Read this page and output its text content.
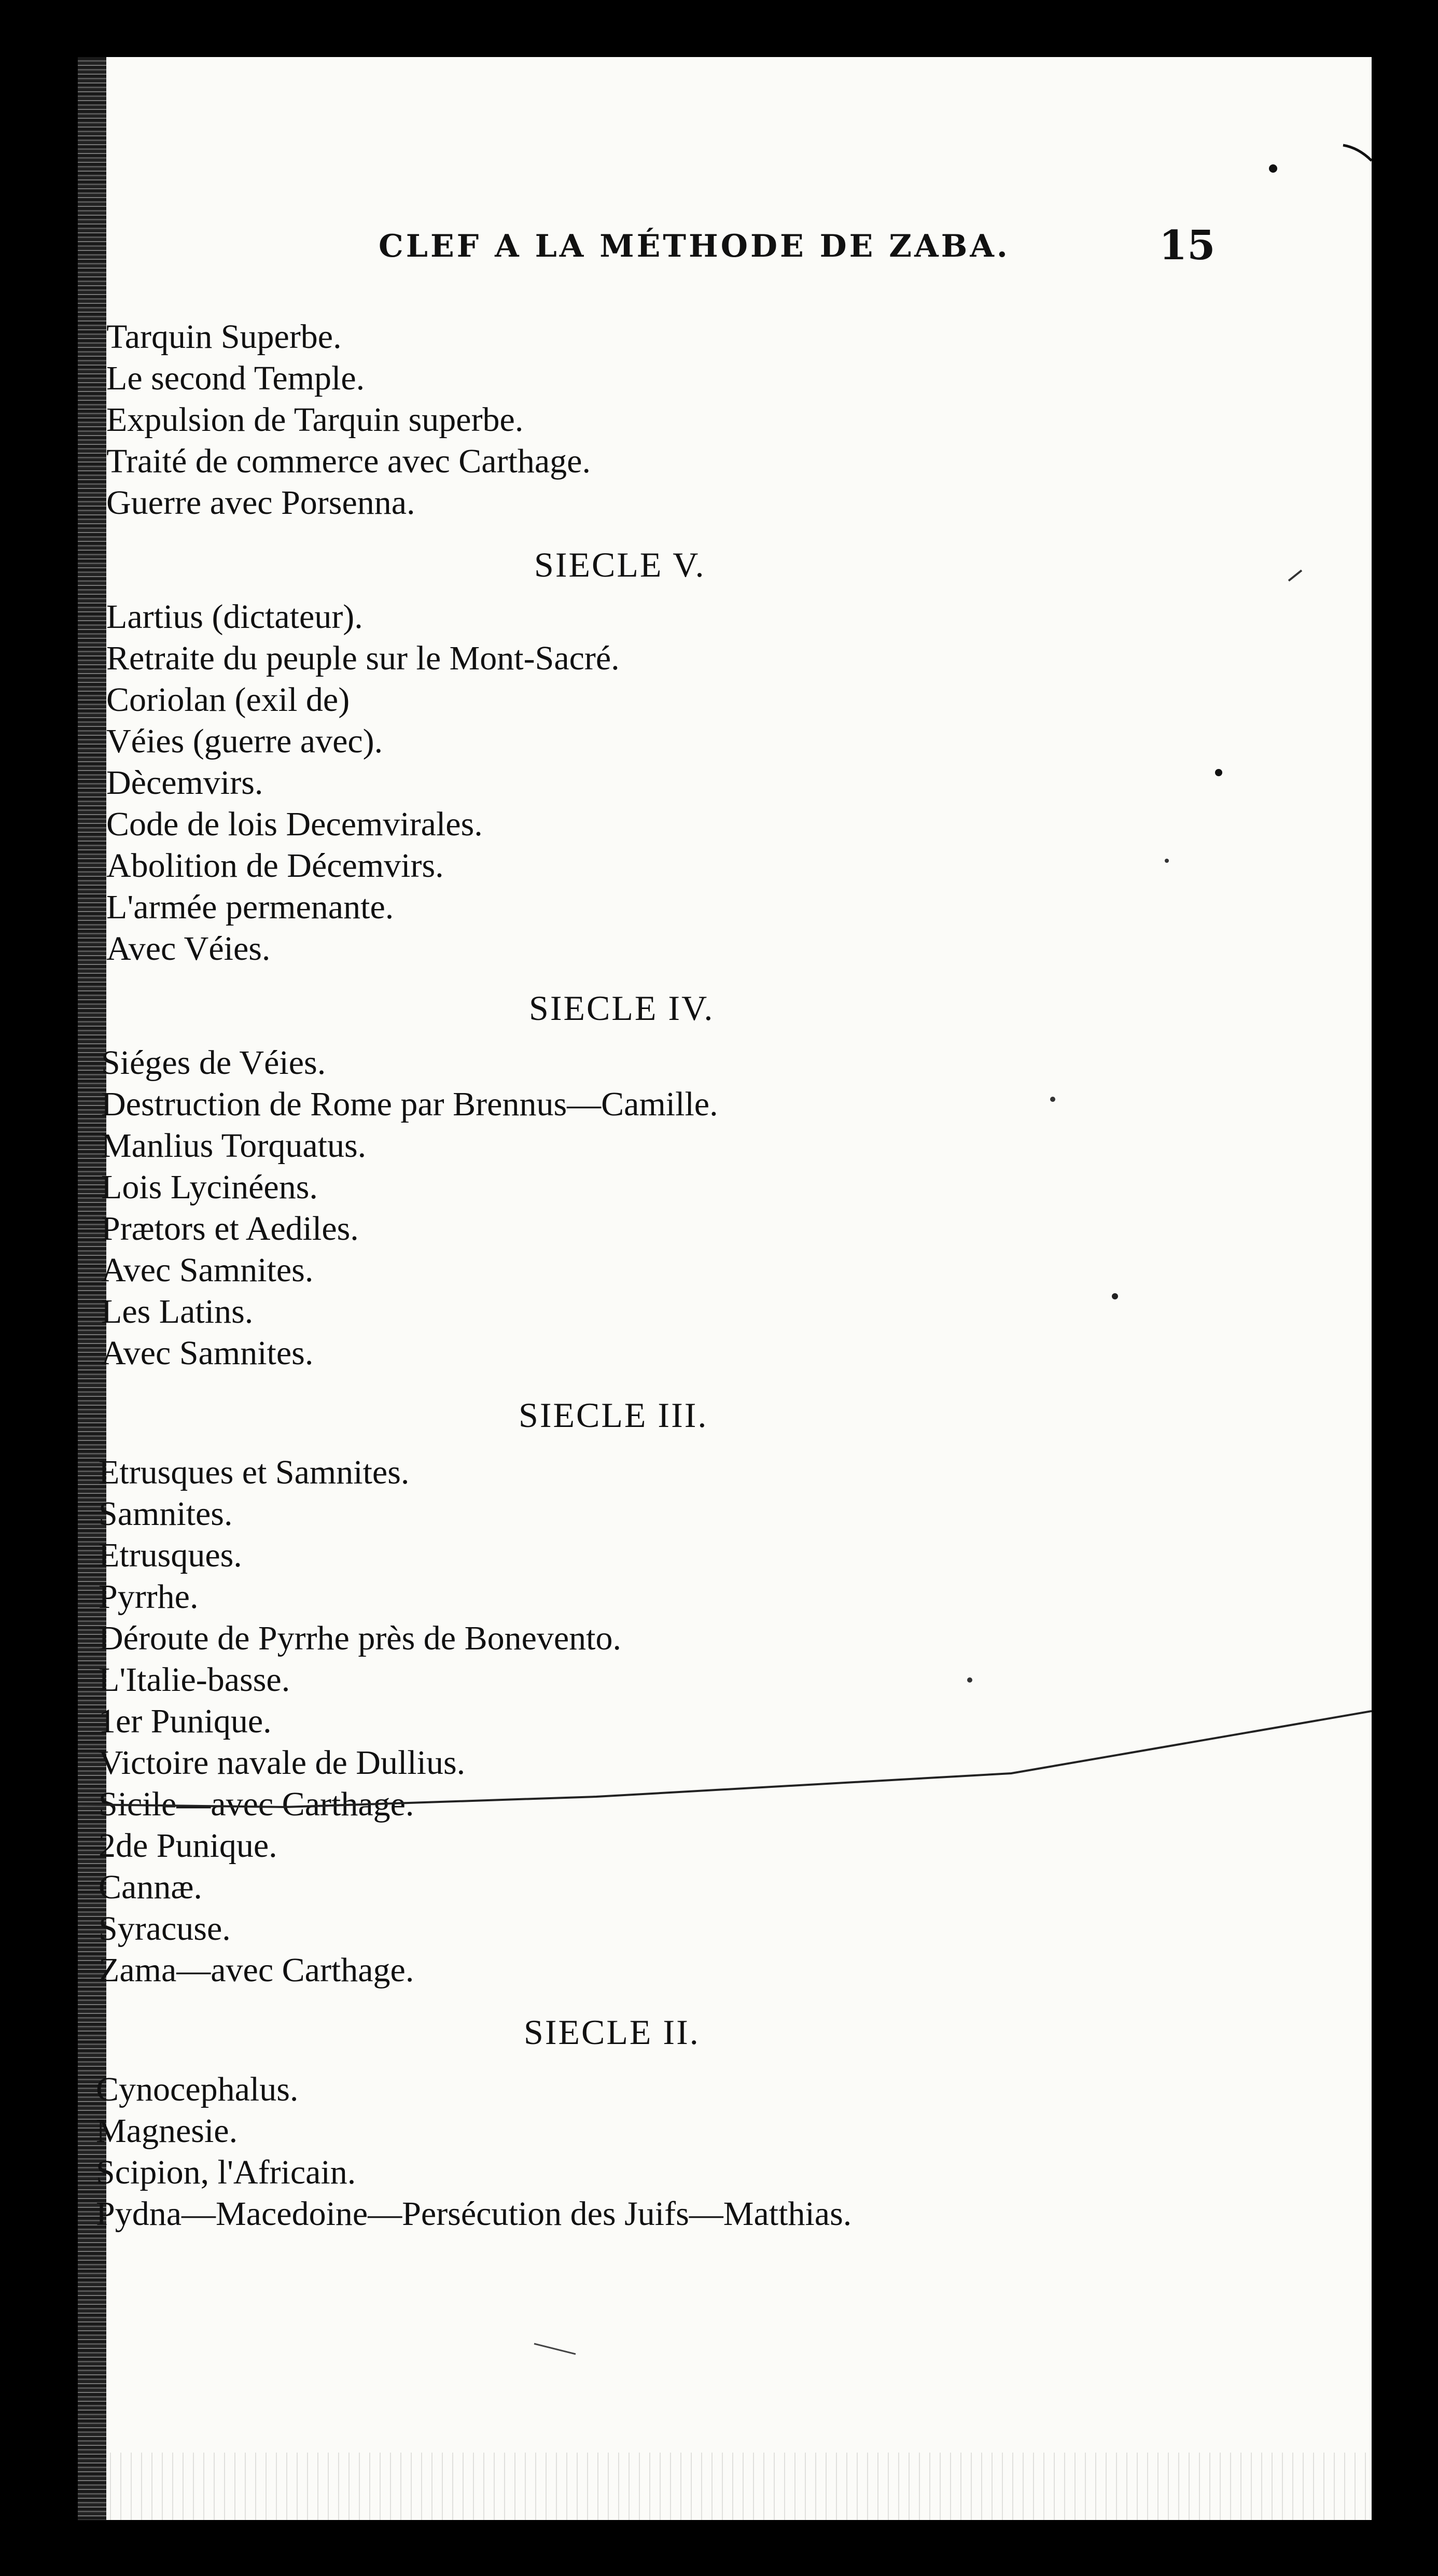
CLEF A LA MÉTHODE DE ZABA.	15
Tarquin Superbe.
Le second Temple.
Expulsion de Tarquin superbe.
Traité de commerce avec Carthage.
Guerre avec Porsenna.
SIECLE V.
Lartius (dictateur).
Retraite du peuple sur le Mont-Sacré.
Coriolan (exil de)
Véies (guerre avec).
Dècemvirs.
Code de lois Decemvirales.
Abolition de Décemvirs.
L'armée permenante.
Avec Véies.
SIECLE IV.
Siéges de Véies.
Destruction de Rome par Brennus—Camille.
Manlius Torquatus.
Lois Lycinéens.
Prætors et Aediles.
Avec Samnites.
Les Latins.
Avec Samnites.
SIECLE III.
Etrusques et Samnites.
Samnites.
Etrusques.
Pyrrhe.
Déroute de Pyrrhe près de Bonevento.
L'Italie-basse.
1er Punique.
Victoire navale de Dullius.
Sicile—avec Carthage.
2de Punique.
Cannæ.
Syracuse.
Zama—avec Carthage.
SIECLE II.
Cynocephalus.
Magnesie.
Scipion, l'Africain.
Pydna—Macedoine—Persécution des Juifs—Matthias.
